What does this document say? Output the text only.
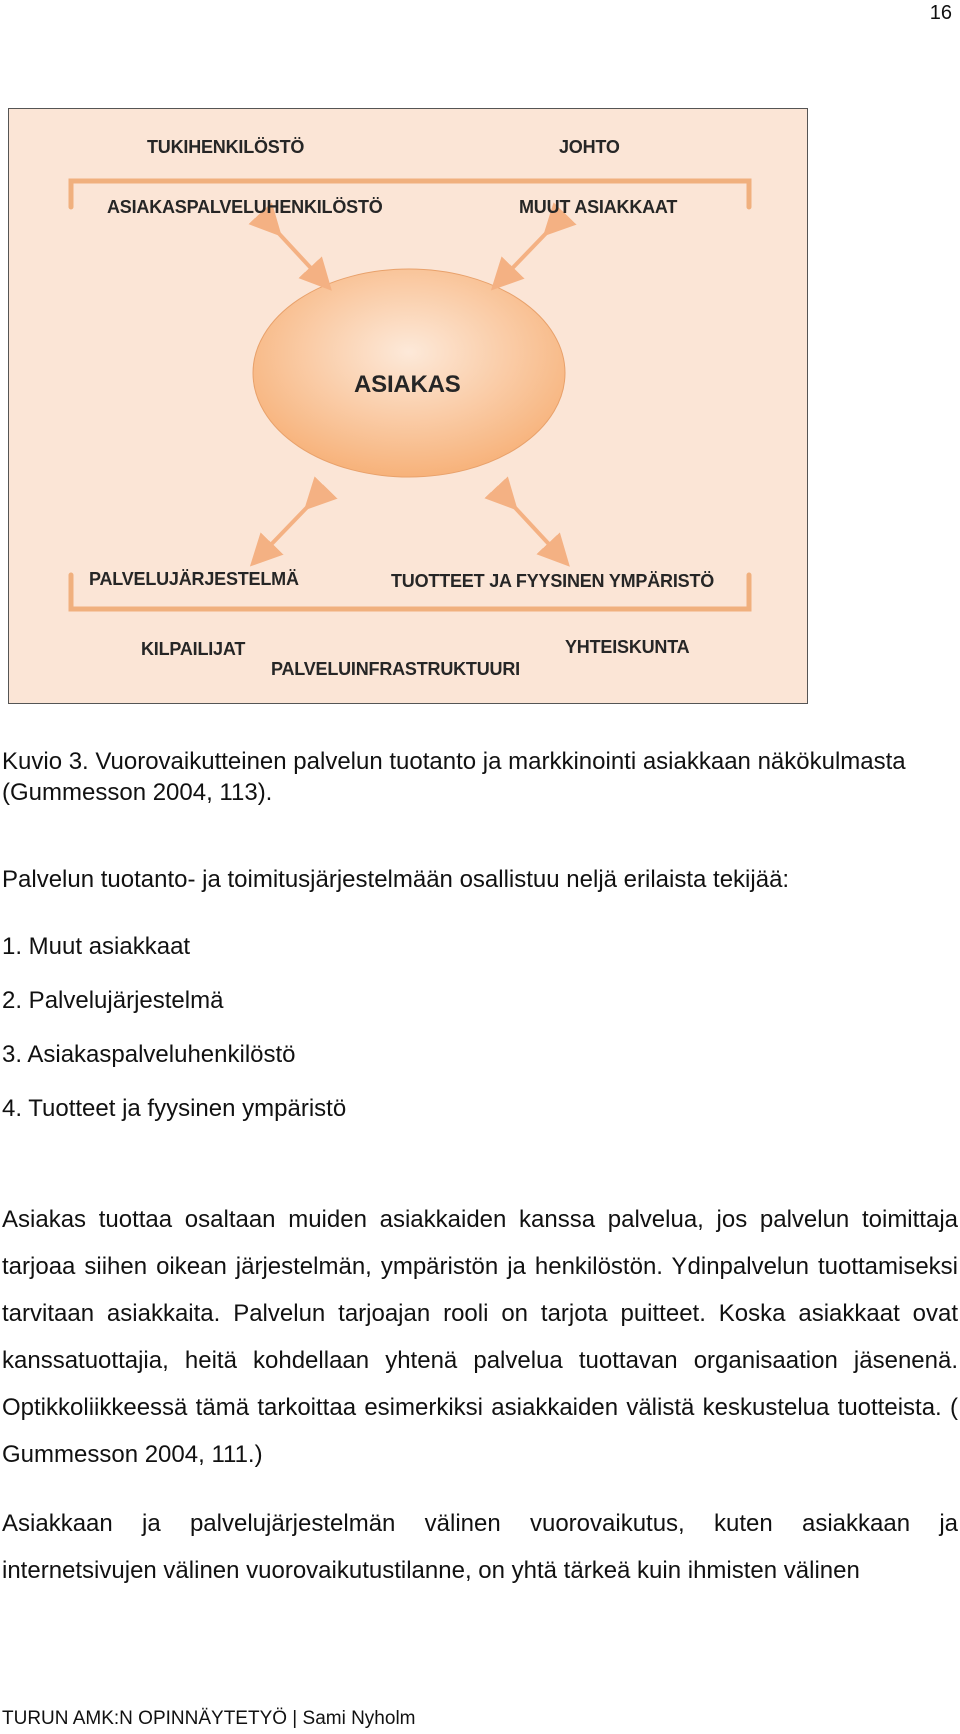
16
TUKIHENKILÖSTÖ	JOHTO
ASIAKASPALVELUHENKILÖSTÖ	MUUT ASIAKKAAT
ASIAKAS
PALVELUJÄRJESTELMÄ	TUOTTEET JA FYYSINEN YMPÄRISTÖ
KILPAILIJAT	YHTEISKUNTA
PALVELUINFRASTRUKTUURI
Kuvio 3. Vuorovaikutteinen palvelun tuotanto ja markkinointi asiakkaan näkökulmasta (Gummesson 2004, 113).
Palvelun tuotanto- ja toimitusjärjestelmään osallistuu neljä erilaista tekijää:
1. Muut asiakkaat
2. Palvelujärjestelmä
3. Asiakaspalveluhenkilöstö
4. Tuotteet ja fyysinen ympäristö

Asiakas tuottaa osaltaan muiden asiakkaiden kanssa palvelua, jos palvelun toimittaja tarjoaa siihen oikean järjestelmän, ympäristön ja henkilöstön. Ydinpalvelun tuottamiseksi tarvitaan asiakkaita. Palvelun tarjoajan rooli on tarjota puitteet. Koska asiakkaat ovat kanssatuottajia, heitä kohdellaan yhtenä palvelua tuottavan organisaation jäsenenä. Optikkoliikkeessä tämä tarkoittaa esimerkiksi asiakkaiden välistä keskustelua tuotteista. ( Gummesson 2004, 111.)

Asiakkaan ja palvelujärjestelmän välinen vuorovaikutus, kuten asiakkaan ja internetsivujen välinen vuorovaikutustilanne, on yhtä tärkeä kuin ihmisten välinen

TURUN AMK:N OPINNÄYTETYÖ | Sami Nyholm
